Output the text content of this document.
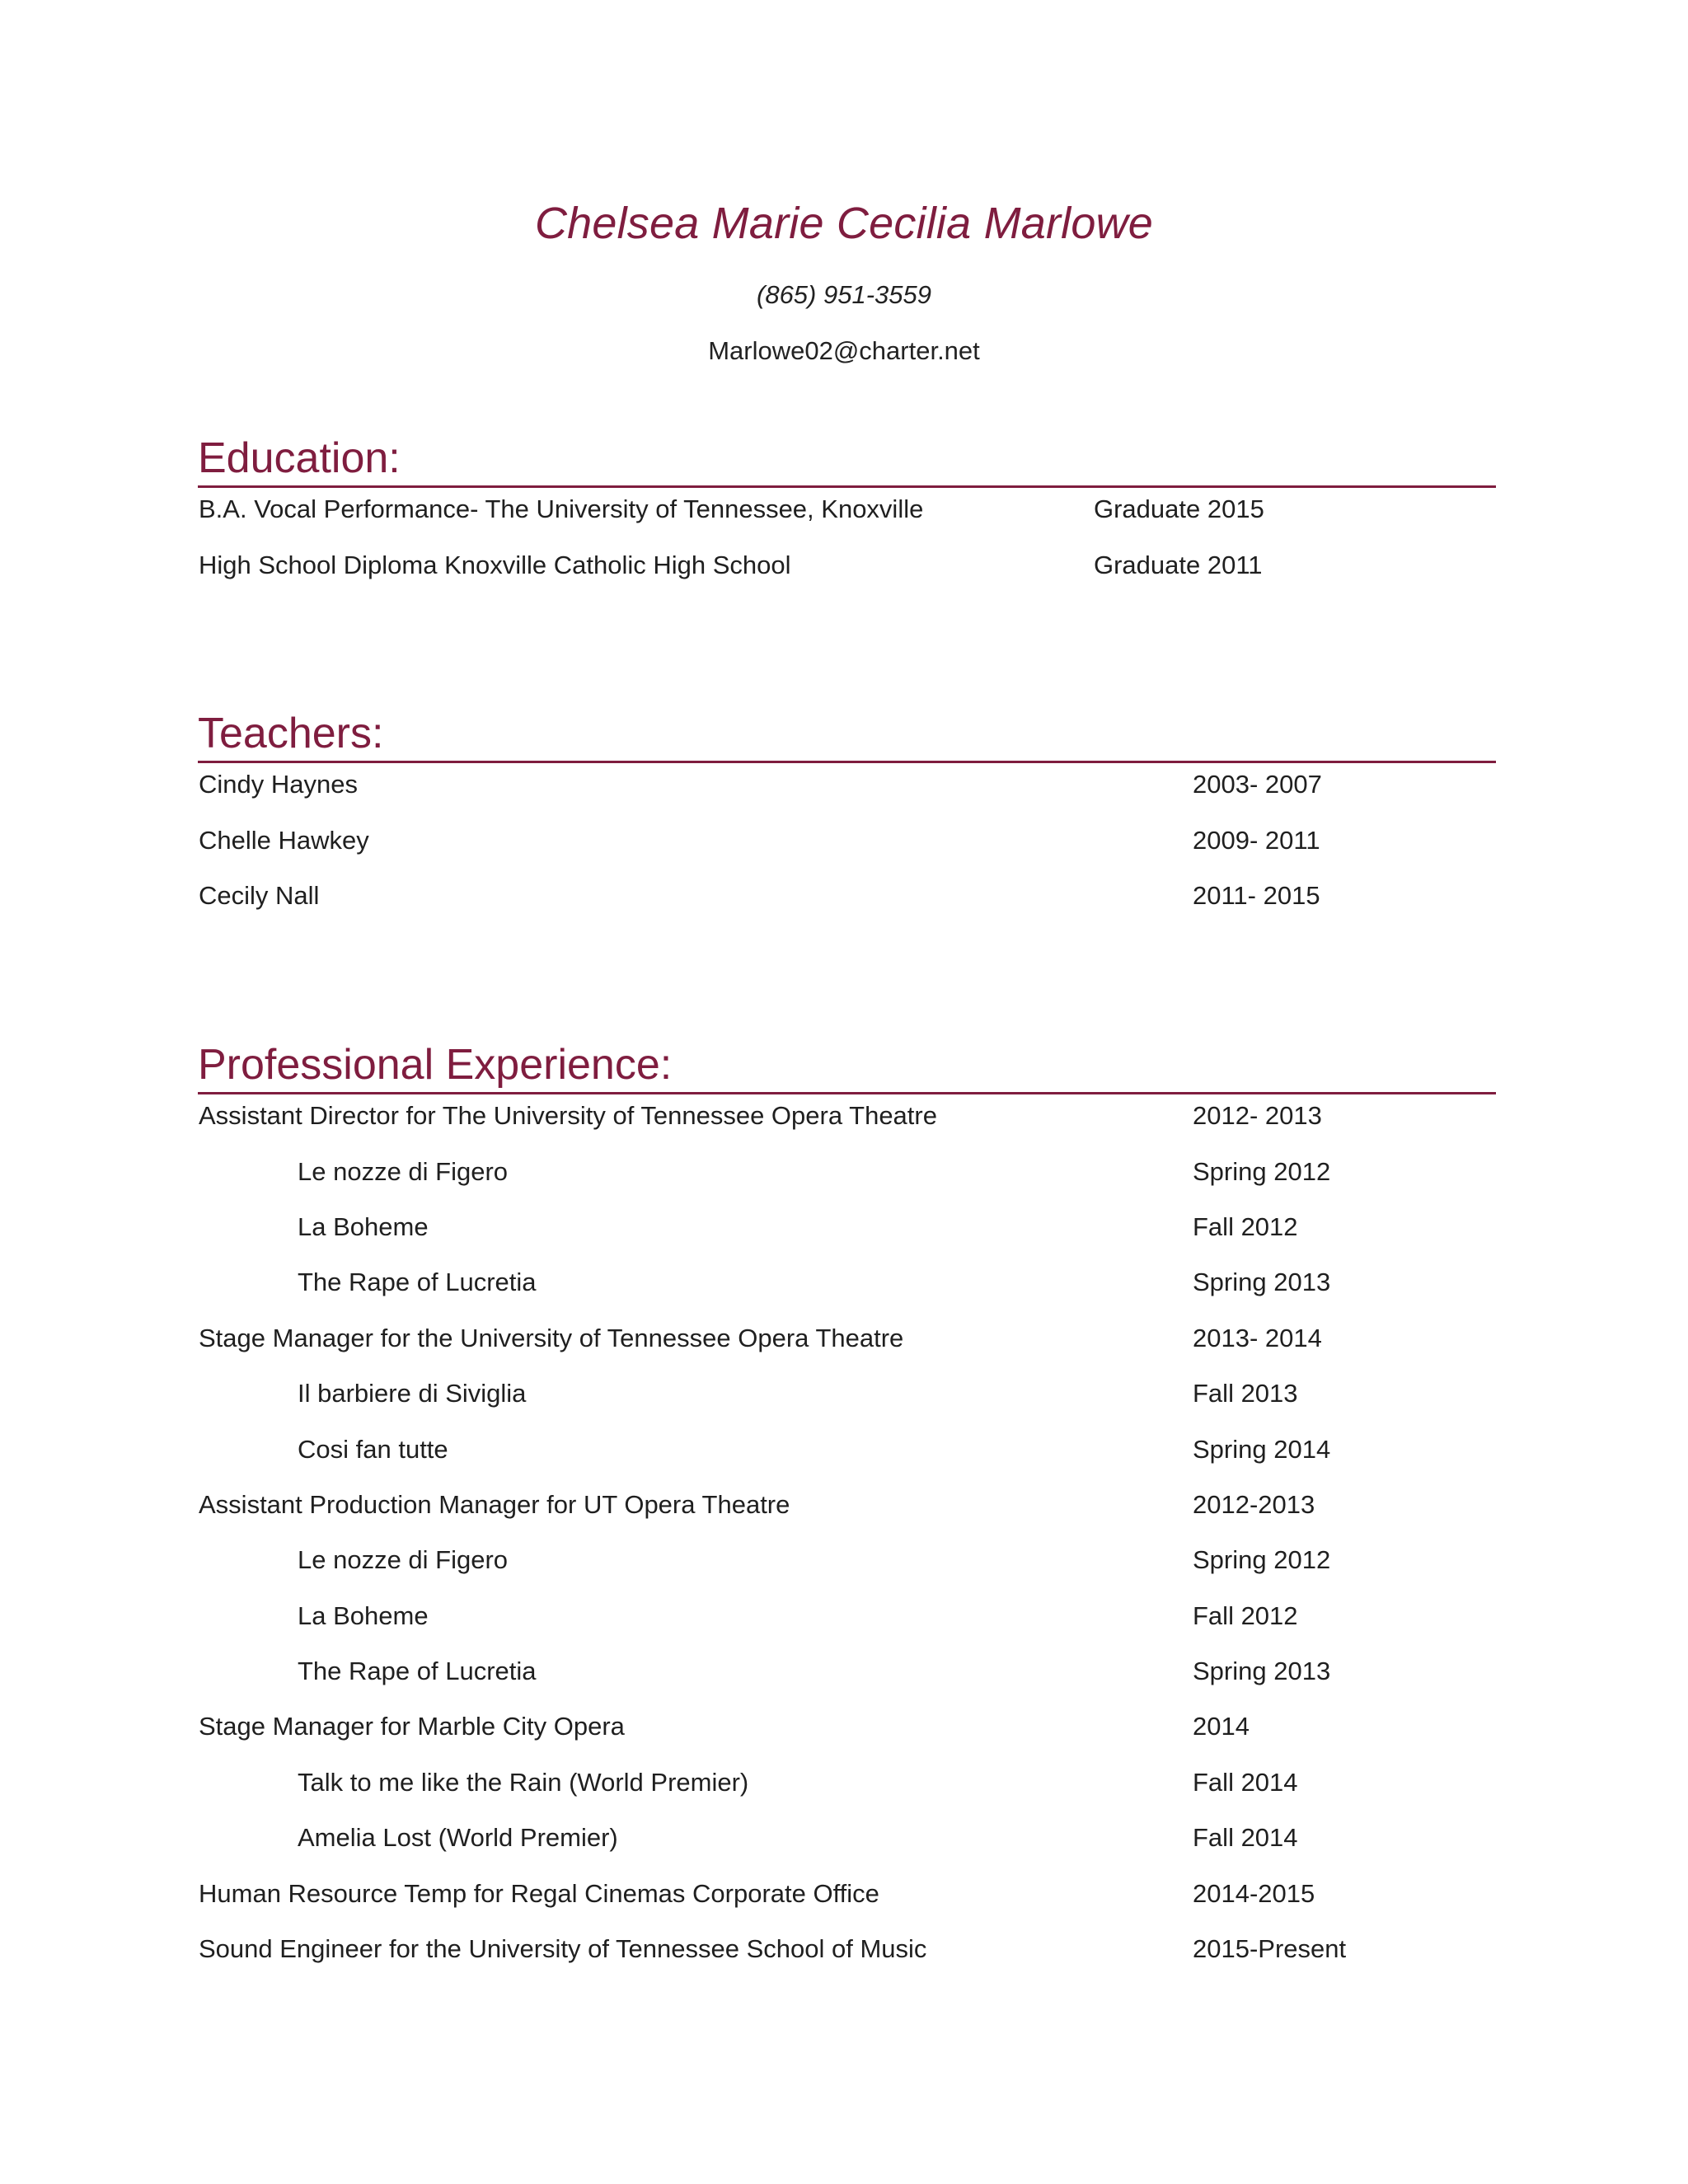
Chelsea Marie Cecilia Marlowe
(865) 951-3559
Marlowe02@charter.net
Education:
B.A. Vocal Performance- The University of Tennessee, Knoxville	Graduate 2015
High School Diploma Knoxville Catholic High School	Graduate 2011
Teachers:
Cindy Haynes	2003- 2007
Chelle Hawkey	2009- 2011
Cecily Nall	2011- 2015
Professional Experience:
Assistant Director for The University of Tennessee Opera Theatre	2012- 2013
Le nozze di Figero	Spring 2012
La Boheme	Fall 2012
The Rape of Lucretia	Spring 2013
Stage Manager for the University of Tennessee Opera Theatre	2013- 2014
Il barbiere di Siviglia	Fall 2013
Cosi fan tutte	Spring 2014
Assistant Production Manager for UT Opera Theatre	2012-2013
Le nozze di Figero	Spring 2012
La Boheme	Fall 2012
The Rape of Lucretia	Spring 2013
Stage Manager for Marble City Opera	2014
Talk to me like the Rain (World Premier)	Fall 2014
Amelia Lost (World Premier)	Fall 2014
Human Resource Temp for Regal Cinemas Corporate Office	2014-2015
Sound Engineer for the University of Tennessee School of Music	2015-Present
